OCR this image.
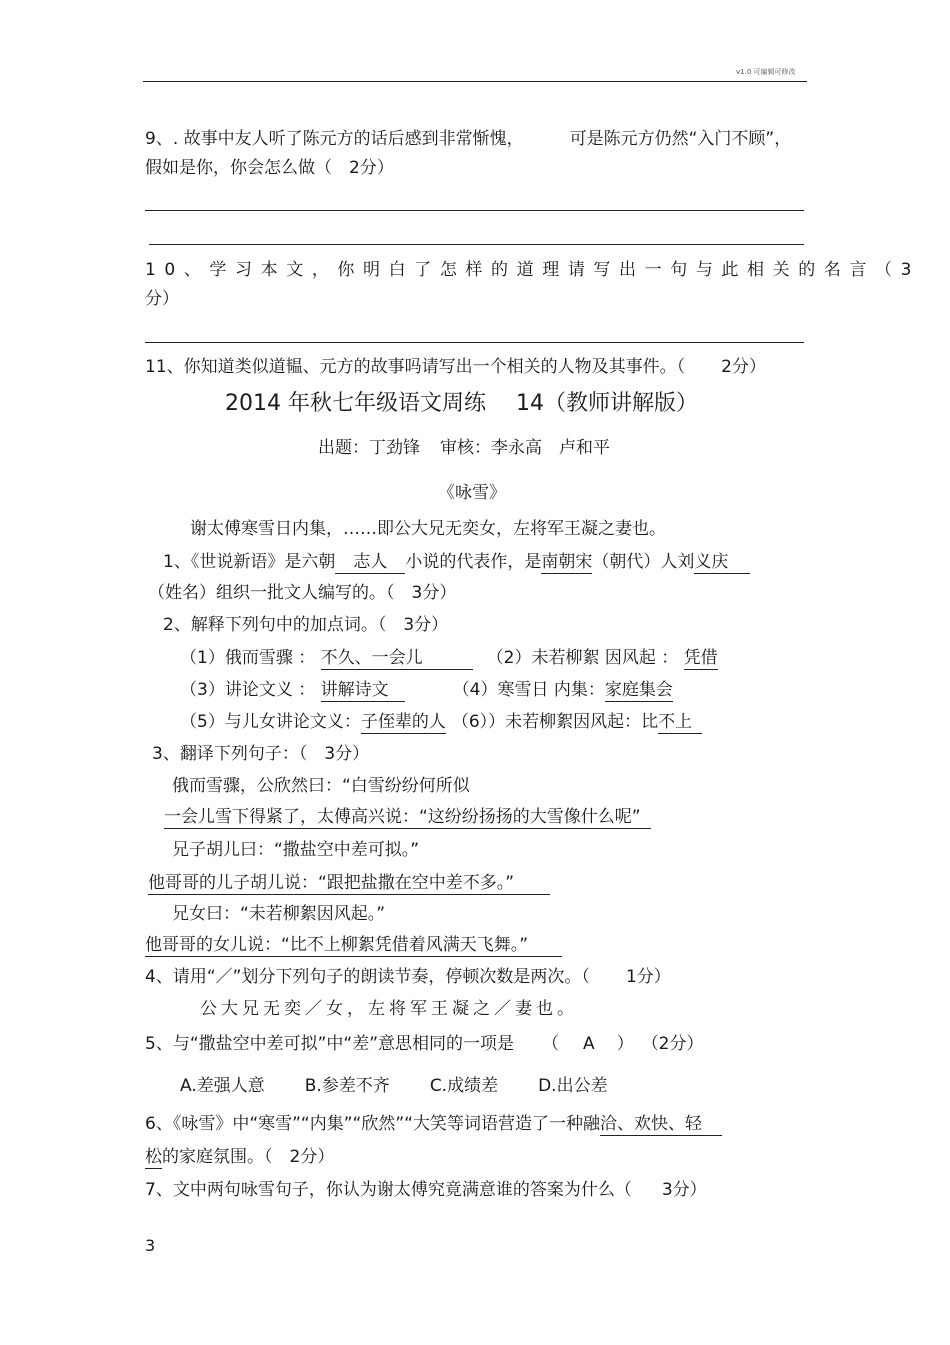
v1.0 可编辑可修改
9、. 故事中友人听了陈元方的话后感到非常惭愧，	可是陈元方仍然“入门不顾”，
假如是你，你会怎么做（　2分）
10、学习本文，你明白了怎样的道理请写出一句与此相关的名言（3
分）
11、你知道类似道韫、元方的故事吗请写出一个相关的人物及其事件。（ 2分）
2014 年秋七年级语文周练 14（教师讲解版）
出题：丁劲锋 审核：李永高　卢和平
《咏雪》
谢太傅寒雪日内集，……即公大兄无奕女，左将军王凝之妻也。
1、《世说新语》是六朝 志人 小说的代表作，是南朝宋（朝代）人刘义庆
（姓名）组织一批文人编写的。（　3分）
2、解释下列句中的加点词。（　3分）
（1）俄而雪骤 ： 不久、一会儿	（2）未若柳絮 因风起 ： 凭借
（3）讲论文义 ： 讲解诗文	（4）寒雪日 内集：家庭集会
（5）与儿女讲论文义：子侄辈的人 （6））未若柳絮因风起：比不上
3、翻译下列句子：（　3分）
俄而雪骤，公欣然曰：“白雪纷纷何所似
一会儿雪下得紧了，太傅高兴说：“这纷纷扬扬的大雪像什么呢”
兄子胡儿曰：“撒盐空中差可拟。”
他哥哥的儿子胡儿说：“跟把盐撒在空中差不多。”
兄女曰：“未若柳絮因风起。”
他哥哥的女儿说：“比不上柳絮凭借着风满天飞舞。”
4、请用“／”划分下列句子的朗读节奏，停顿次数是两次。（ 1分）
公大兄无奕／女，左将军王凝之／妻也。
5、与“撒盐空中差可拟”中“差”意思相同的一项是 （ A ） （2分）
A.差强人意 B.参差不齐 C.成绩差 D.出公差
6、《咏雪》中“寒雪”“内集”“欣然”“大笑等词语营造了一种融洽、欢快、轻
松的家庭氛围。（　2分）
7、文中两句咏雪句子，你认为谢太傅究竟满意谁的答案为什么（ 3分）
3
